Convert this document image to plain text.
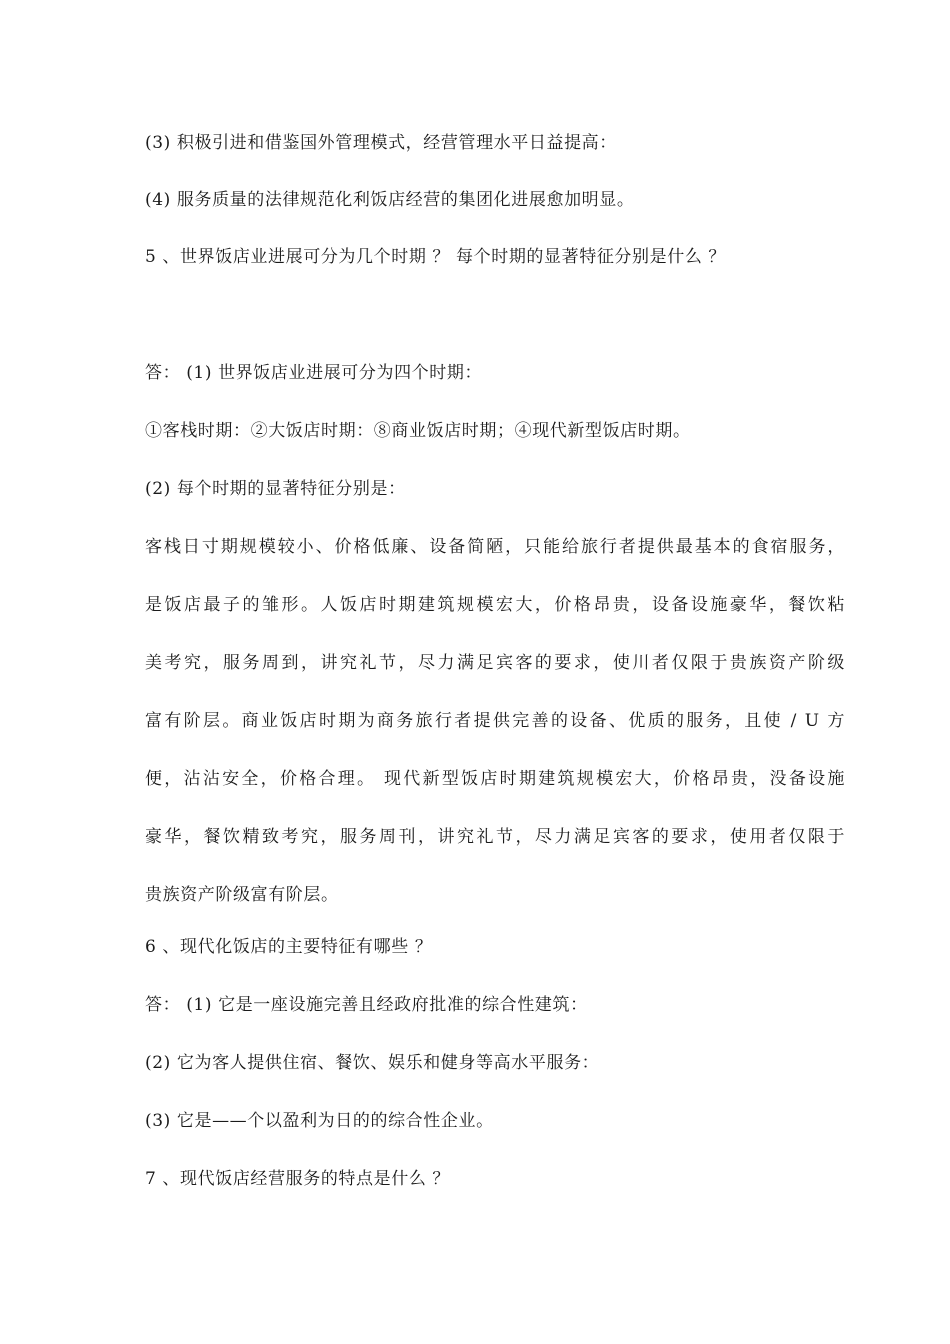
(3) 积极引进和借鉴国外管理模式，经营管理水平日益提高：
(4) 服务质量的法律规范化利饭店经营的集团化进展愈加明显。
5 、世界饭店业进展可分为几个时期 ？ 每个时期的显著特征分别是什么 ？
答： (1) 世界饭店业进展可分为四个时期：
①客栈时期：②大饭店时期：⑧商业饭店时期；④现代新型饭店时期。
(2) 每个时期的显著特征分别是：
客栈日寸期规模较小、价格低廉、设备简陋，只能给旅行者提供最基本的食宿服务，
是饭店最子的雏形。人饭店时期建筑规模宏大，价格昂贵，设备设施豪华，餐饮粘
美考究，服务周到，讲究礼节，尽力满足宾客的要求，使川者仅限于贵族资产阶级
富有阶层。商业饭店时期为商务旅行者提供完善的设备、优质的服务，且使 / U 方
便，沾沾安全，价格合理。 现代新型饭店时期建筑规模宏大，价格昂贵，没备设施
豪华，餐饮精致考究，服务周刊，讲究礼节，尽力满足宾客的要求，使用者仅限于
贵族资产阶级富有阶层。
6 、现代化饭店的主要特征有哪些 ？
答： (1) 它是一座设施完善且经政府批准的综合性建筑：
(2) 它为客人提供住宿、餐饮、娱乐和健身等高水平服务：
(3) 它是——个以盈利为日的的综合性企业。
7 、现代饭店经营服务的特点是什么 ？
